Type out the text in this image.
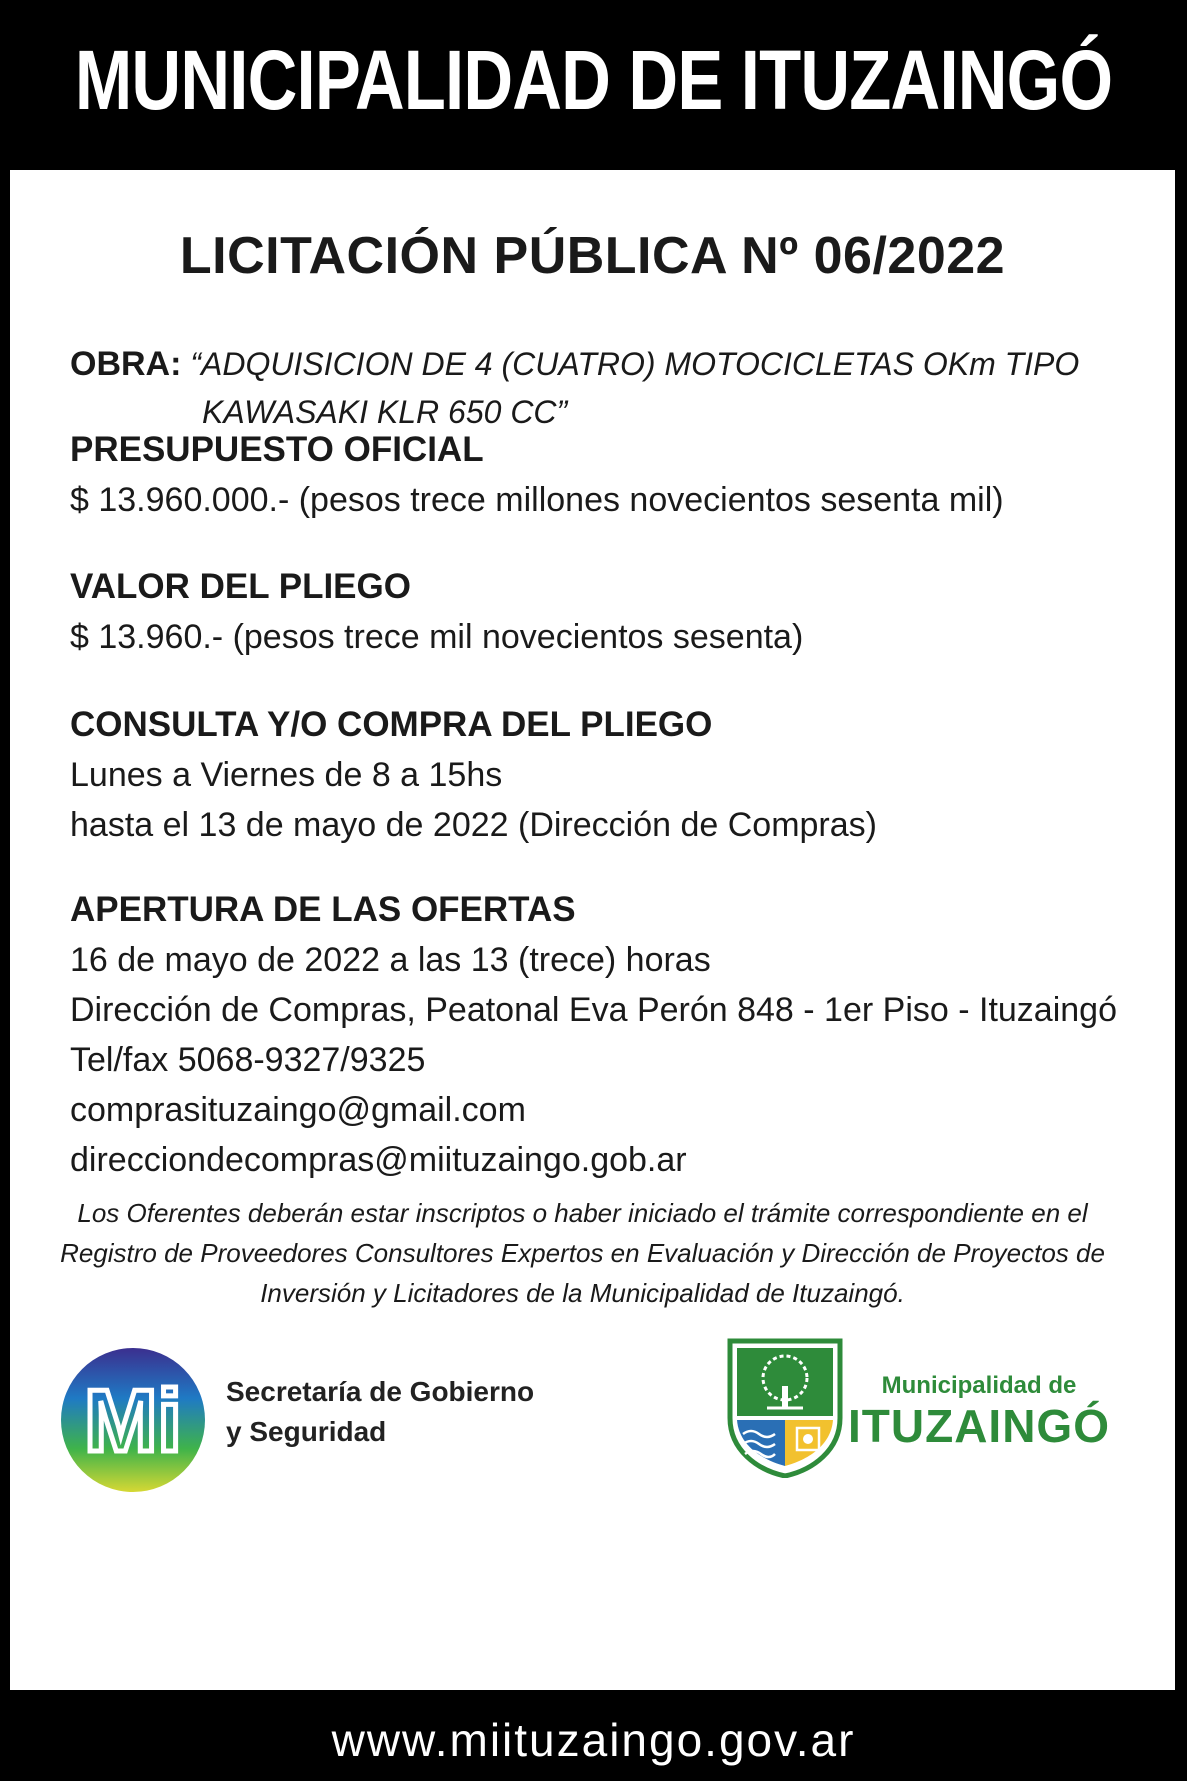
MUNICIPALIDAD DE ITUZAINGÓ
LICITACIÓN PÚBLICA Nº 06/2022
OBRA: “ADQUISICION DE 4 (CUATRO) MOTOCICLETAS OKm TIPO
KAWASAKI KLR 650 CC”
PRESUPUESTO OFICIAL
$ 13.960.000.- (pesos trece millones novecientos sesenta mil)
VALOR DEL PLIEGO
$ 13.960.- (pesos trece mil novecientos sesenta)
CONSULTA Y/O COMPRA DEL PLIEGO
Lunes a Viernes de 8 a 15hs
hasta el 13 de mayo de 2022 (Dirección de Compras)
APERTURA DE LAS OFERTAS
16 de mayo de 2022 a las 13 (trece) horas
Dirección de Compras, Peatonal Eva Perón 848 - 1er Piso - Ituzaingó
Tel/fax 5068-9327/9325
comprasituzaingo@gmail.com
direcciondecompras@miituzaingo.gob.ar
Los Oferentes deberán estar inscriptos o haber iniciado el trámite correspondiente en el
Registro de Proveedores Consultores Expertos en Evaluación y Dirección de Proyectos de
Inversión y Licitadores de la Municipalidad de Ituzaingó.
Mi Secretaría de Gobierno
y Seguridad
Municipalidad de
ITUZAINGÓ
www.miituzaingo.gov.ar
